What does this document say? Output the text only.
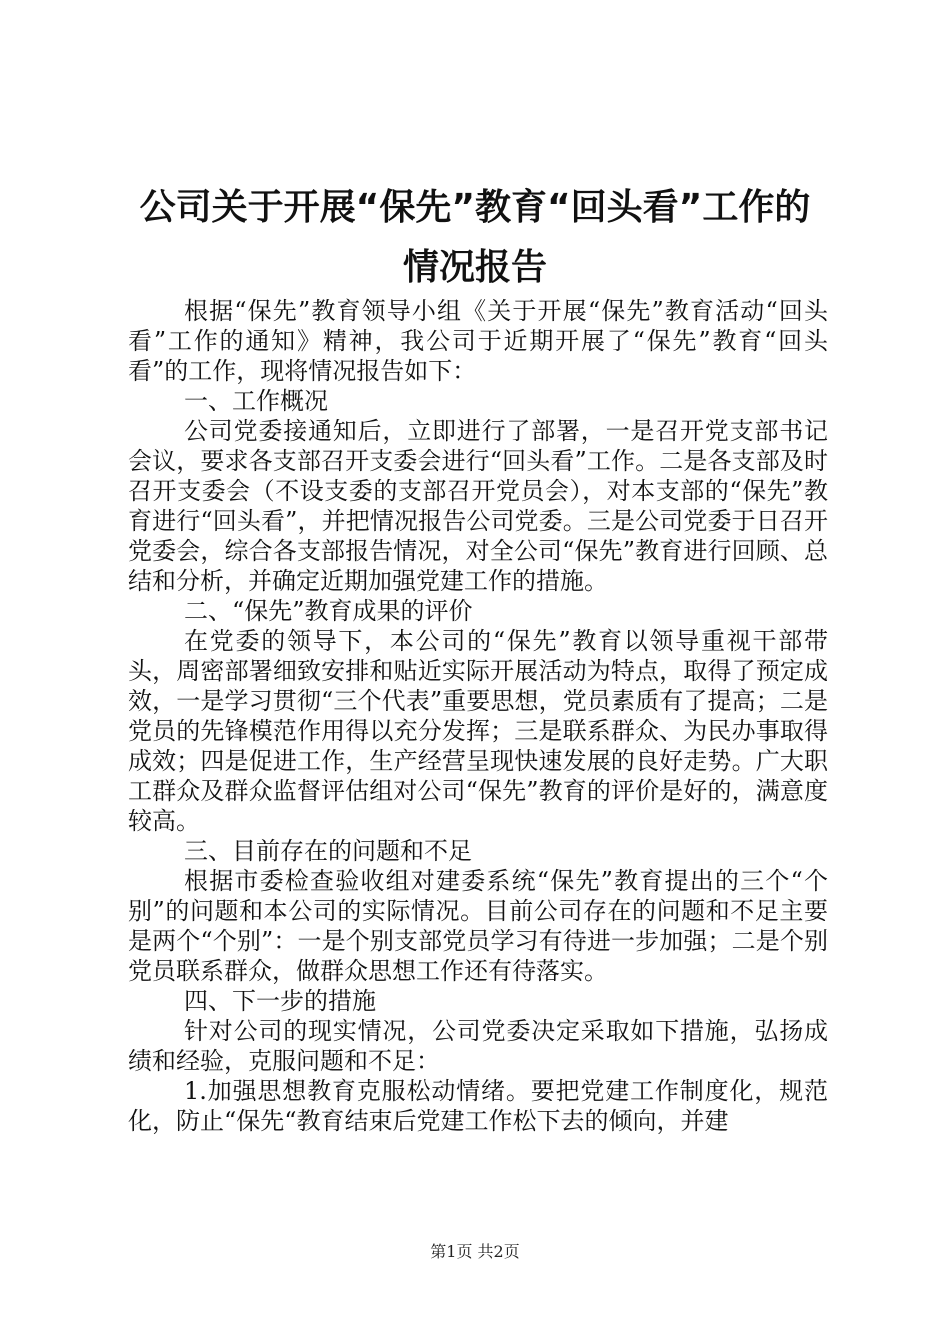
公司关于开展“保先”教育“回头看”工作的
情况报告

根据“保先”教育领导小组《关于开展“保先”教育活动“回头看”工作的通知》精神，我公司于近期开展了“保先”教育“回头看”的工作，现将情况报告如下：

一、工作概况

公司党委接通知后，立即进行了部署，一是召开党支部书记会议，要求各支部召开支委会进行“回头看”工作。二是各支部及时召开支委会（不设支委的支部召开党员会），对本支部的“保先”教育进行“回头看”，并把情况报告公司党委。三是公司党委于日召开党委会，综合各支部报告情况，对全公司“保先”教育进行回顾、总结和分析，并确定近期加强党建工作的措施。

二、“保先”教育成果的评价

在党委的领导下，本公司的“保先”教育以领导重视干部带头，周密部署细致安排和贴近实际开展活动为特点，取得了预定成效，一是学习贯彻“三个代表”重要思想，党员素质有了提高；二是党员的先锋模范作用得以充分发挥；三是联系群众、为民办事取得成效；四是促进工作，生产经营呈现快速发展的良好走势。广大职工群众及群众监督评估组对公司“保先”教育的评价是好的，满意度较高。

三、目前存在的问题和不足

根据市委检查验收组对建委系统“保先”教育提出的三个“个别”的问题和本公司的实际情况。目前公司存在的问题和不足主要是两个“个别”：一是个别支部党员学习有待进一步加强；二是个别党员联系群众，做群众思想工作还有待落实。

四、下一步的措施

针对公司的现实情况，公司党委决定采取如下措施，弘扬成绩和经验，克服问题和不足：

1.加强思想教育克服松动情绪。要把党建工作制度化，规范化，防止“保先“教育结束后党建工作松下去的倾向，并建

第1页 共2页
